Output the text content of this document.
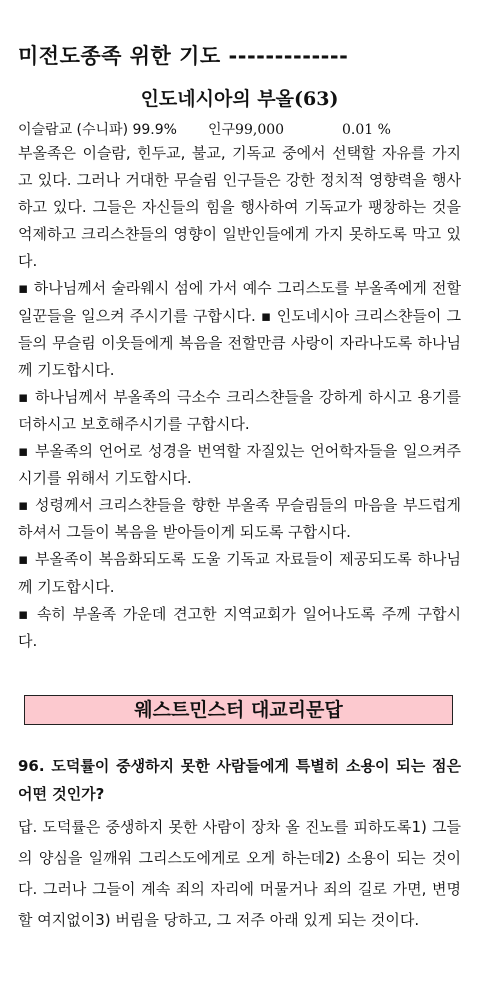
미전도종족 위한 기도 -------------
인도네시아의 부올(63)
이슬람교 (수니파) 99.9% 인구99,000	0.01 %

부올족은 이슬람, 힌두교, 불교, 기독교 중에서 선택할 자유를 가지고 있다. 그러나 거대한 무슬림 인구들은 강한 정치적 영향력을 행사하고 있다. 그들은 자신들의 힘을 행사하여 기독교가 팽창하는 것을 억제하고 크리스챤들의 영향이 일반인들에게 가지 못하도록 막고 있다.

▪ 하나님께서 술라웨시 섬에 가서 예수 그리스도를 부올족에게 전할 일꾼들을 일으켜 주시기를 구합시다. ▪ 인도네시아 크리스챤들이 그들의 무슬림 이웃들에게 복음을 전할만큼 사랑이 자라나도록 하나님께 기도합시다.

▪ 하나님께서 부올족의 극소수 크리스챤들을 강하게 하시고 용기를 더하시고 보호해주시기를 구합시다.

▪ 부올족의 언어로 성경을 번역할 자질있는 언어학자들을 일으켜주시기를 위해서 기도합시다.

▪ 성령께서 크리스챤들을 향한 부올족 무슬림들의 마음을 부드럽게 하셔서 그들이 복음을 받아들이게 되도록 구합시다.

▪ 부올족이 복음화되도록 도울 기독교 자료들이 제공되도록 하나님께 기도합시다.

▪ 속히 부올족 가운데 견고한 지역교회가 일어나도록 주께 구합시다.

웨스트민스터 대교리문답
96. 도덕률이 중생하지 못한 사람들에게 특별히 소용이 되는 점은 어떤 것인가?
답. 도덕률은 중생하지 못한 사람이 장차 올 진노를 피하도록1) 그들의 양심을 일깨워 그리스도에게로 오게 하는데2) 소용이 되는 것이다. 그러나 그들이 계속 죄의 자리에 머물거나 죄의 길로 가면, 변명할 여지없이3) 버림을 당하고, 그 저주 아래 있게 되는 것이다.
